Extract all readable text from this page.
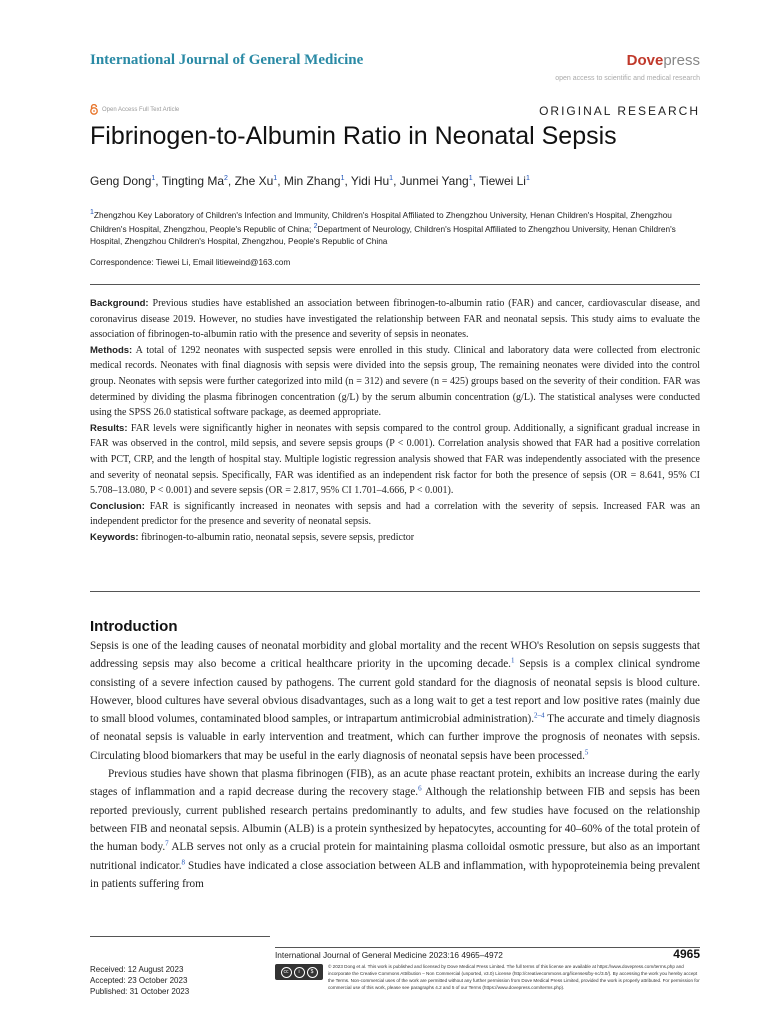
International Journal of General Medicine	Dovepress
open access to scientific and medical research
Open Access Full Text Article	ORIGINAL RESEARCH
Fibrinogen-to-Albumin Ratio in Neonatal Sepsis
Geng Dong$^1$, Tingting Ma$^2$, Zhe Xu$^1$, Min Zhang$^1$, Yidi Hu$^1$, Junmei Yang$^1$, Tiewei Li$^1$
$^1$Zhengzhou Key Laboratory of Children's Infection and Immunity, Children's Hospital Affiliated to Zhengzhou University, Henan Children's Hospital, Zhengzhou Children's Hospital, Zhengzhou, People's Republic of China; $^2$Department of Neurology, Children's Hospital Affiliated to Zhengzhou University, Henan Children's Hospital, Zhengzhou Children's Hospital, Zhengzhou, People's Republic of China
Correspondence: Tiewei Li, Email litieweind@163.com

Background: Previous studies have established an association between fibrinogen-to-albumin ratio (FAR) and cancer, cardiovascular disease, and coronavirus disease 2019. However, no studies have investigated the relationship between FAR and neonatal sepsis. This study aims to evaluate the association of fibrinogen-to-albumin ratio with the presence and severity of sepsis in neonates.

Methods: A total of 1292 neonates with suspected sepsis were enrolled in this study. Clinical and laboratory data were collected from electronic medical records. Neonates with final diagnosis with sepsis were divided into the sepsis group, The remaining neonates were divided into the control group. Neonates with sepsis were further categorized into mild (n = 312) and severe (n = 425) groups based on the severity of their condition. FAR was determined by dividing the plasma fibrinogen concentration (g/L) by the serum albumin concentration (g/L). The statistical analyses were conducted using the SPSS 26.0 statistical software package, as deemed appropriate.

Results: FAR levels were significantly higher in neonates with sepsis compared to the control group. Additionally, a significant gradual increase in FAR was observed in the control, mild sepsis, and severe sepsis groups (P < 0.001). Correlation analysis showed that FAR had a positive correlation with PCT, CRP, and the length of hospital stay. Multiple logistic regression analysis showed that FAR was independently associated with the presence and severity of neonatal sepsis. Specifically, FAR was identified as an independent risk factor for both the presence of sepsis (OR = 8.641, 95% CI 5.708–13.080, P < 0.001) and severe sepsis (OR = 2.817, 95% CI 1.701–4.666, P < 0.001).

Conclusion: FAR is significantly increased in neonates with sepsis and had a correlation with the severity of sepsis. Increased FAR was an independent predictor for the presence and severity of neonatal sepsis.

Keywords: fibrinogen-to-albumin ratio, neonatal sepsis, severe sepsis, predictor

Introduction

Sepsis is one of the leading causes of neonatal morbidity and global mortality and the recent WHO's Resolution on sepsis suggests that addressing sepsis may also become a critical healthcare priority in the upcoming decade.$^1$ Sepsis is a complex clinical syndrome consisting of a severe infection caused by pathogens. The current gold standard for the diagnosis of neonatal sepsis is blood culture. However, blood cultures have several obvious disadvantages, such as a long wait to get a test report and low positive rates (mainly due to small blood volumes, contaminated blood samples, or intrapartum antimicrobial administration).$^{2-4}$ The accurate and timely diagnosis of neonatal sepsis is valuable in early intervention and treatment, which can further improve the prognosis of neonates with sepsis. Circulating blood biomarkers that may be useful in the early diagnosis of neonatal sepsis have been processed.$^5$

Previous studies have shown that plasma fibrinogen (FIB), as an acute phase reactant protein, exhibits an increase during the early stages of inflammation and a rapid decrease during the recovery stage.$^6$ Although the relationship between FIB and sepsis has been reported previously, current published research pertains predominantly to adults, and few studies have focused on the relationship between FIB and neonatal sepsis. Albumin (ALB) is a protein synthesized by hepatocytes, accounting for 40–60% of the total protein of the human body.$^7$ ALB serves not only as a crucial protein for maintaining plasma colloidal osmotic pressure, but also as an important nutritional indicator.$^8$ Studies have indicated a close association between ALB and inflammation, with hypoproteinemia being prevalent in patients suffering from

Received: 12 August 2023
Accepted: 23 October 2023
Published: 31 October 2023
International Journal of General Medicine 2023:16 4965–4972	4965
cc	i	$
© 2023 Dong et al. This work is published and licensed by Dove Medical Press Limited. The full terms of this license are available at https://www.dovepress.com/terms.php and incorporate the Creative Commons Attribution – Non Commercial (unported, v3.0) License (http://creativecommons.org/licenses/by-nc/3.0/). By accessing the work you hereby accept the Terms. Non-commercial uses of the work are permitted without any further permission from Dove Medical Press Limited, provided the work is properly attributed. For permission for commercial use of this work, please see paragraphs 4.2 and 5 of our Terms (https://www.dovepress.com/terms.php).
